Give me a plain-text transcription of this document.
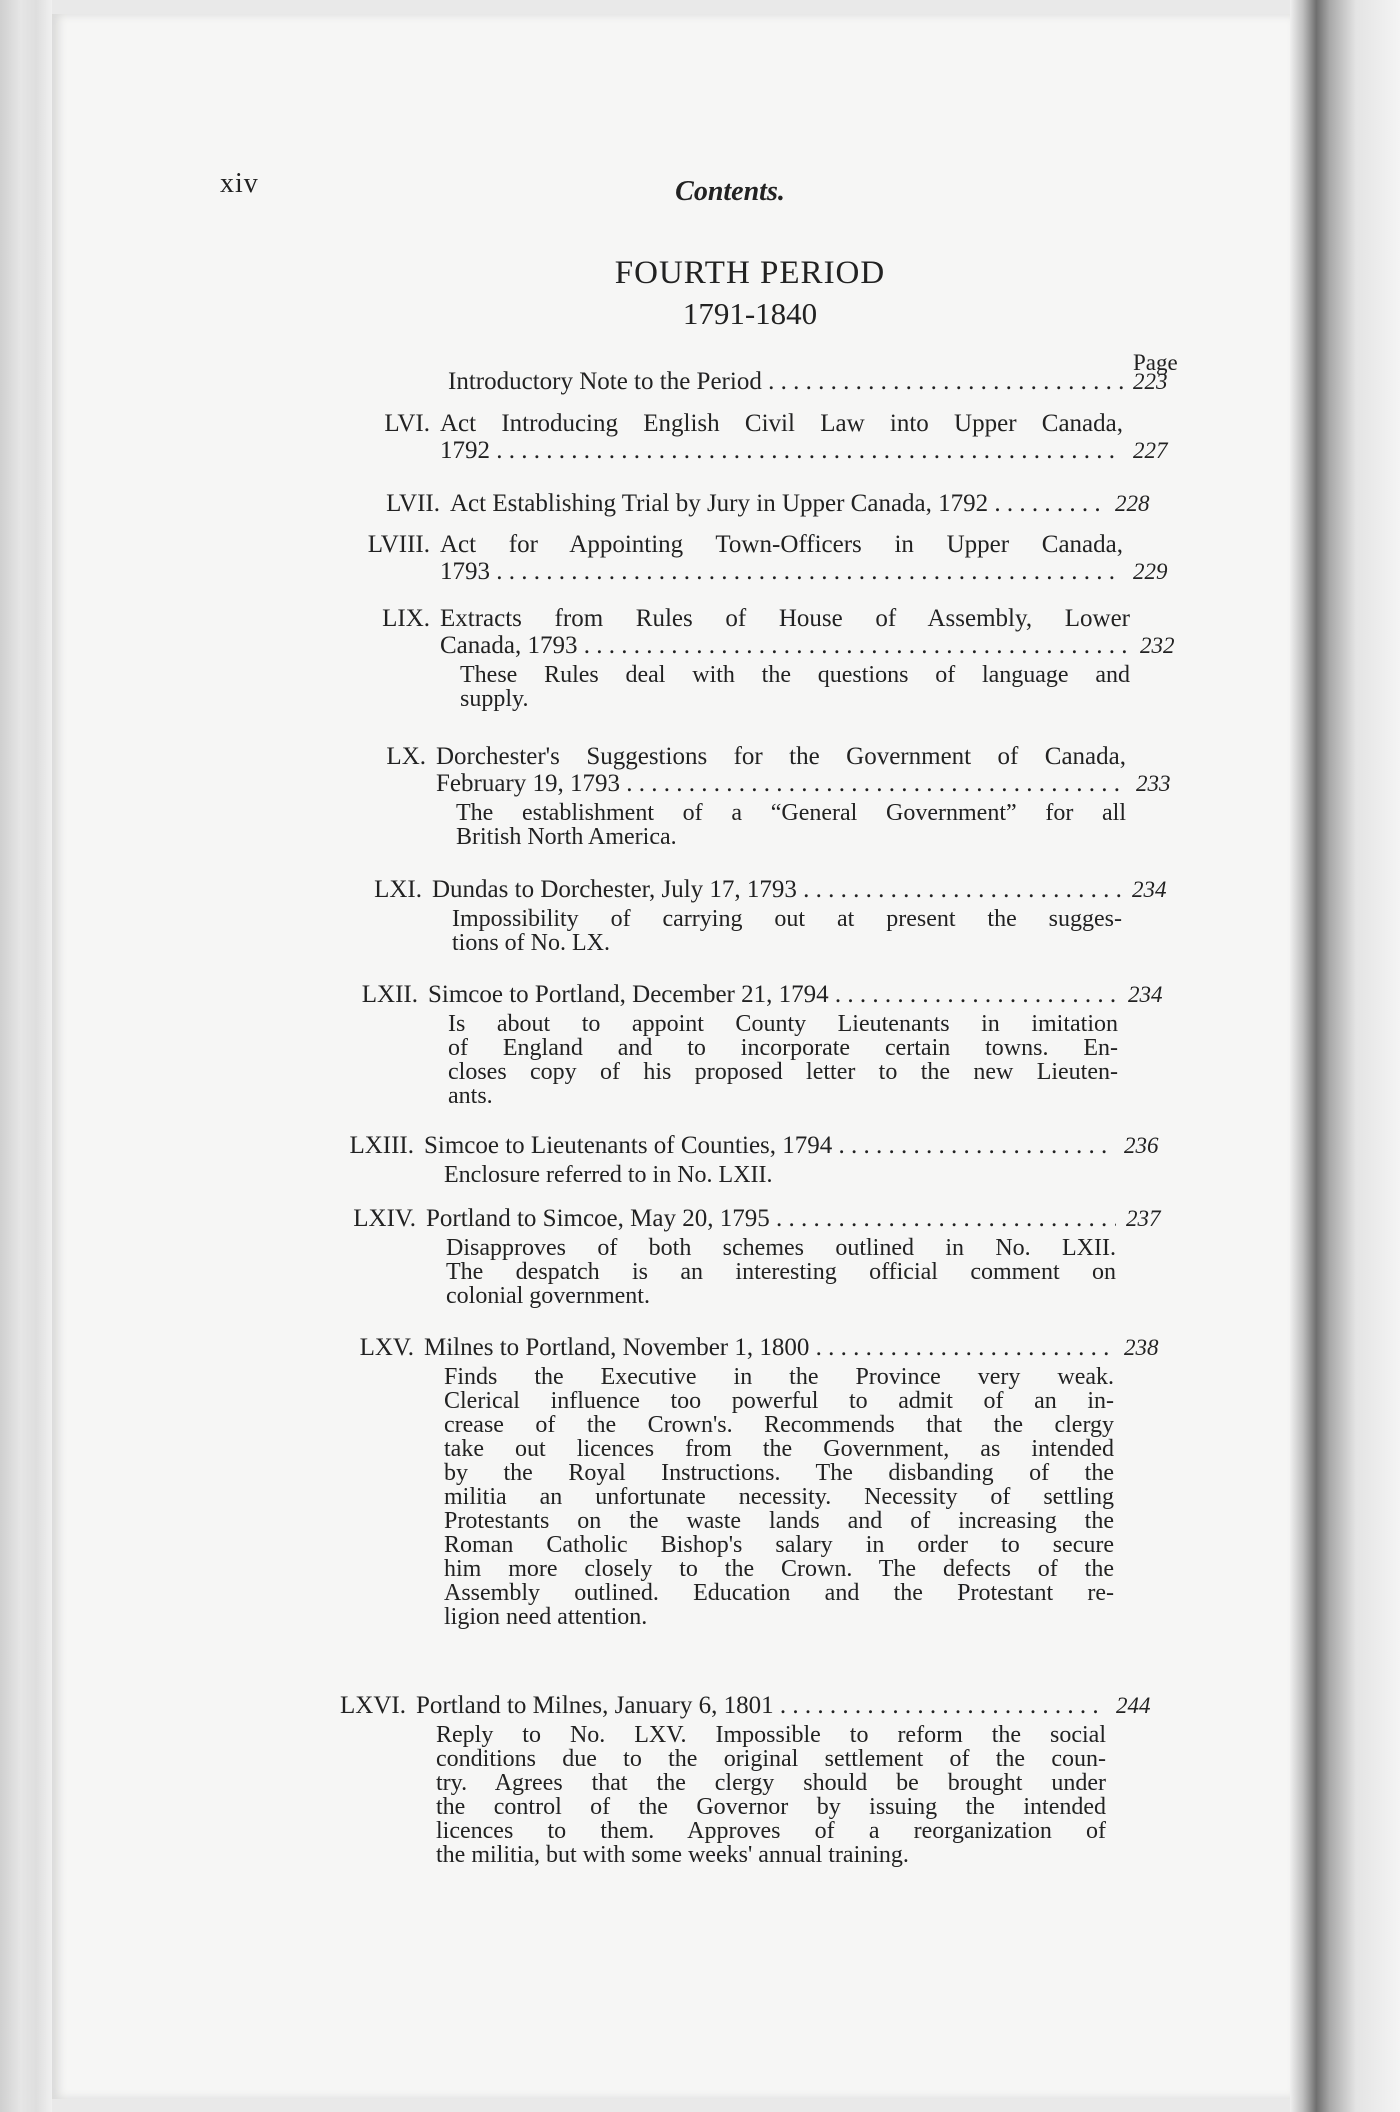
xiv	Contents.
FOURTH PERIOD
1791-1840
Page
Introductory Note to the Period . . .	223
LVI. Act Introducing English Civil Law into Upper Canada,
1792 . . .	227
LVII. Act Establishing Trial by Jury in Upper Canada, 1792 . . .	228
LVIII. Act for Appointing Town-Officers in Upper Canada,
1793 . . .	229
LIX. Extracts from Rules of House of Assembly, Lower
Canada, 1793 . . .	232
These Rules deal with the questions of language and
supply.
LX. Dorchester's Suggestions for the Government of Canada,
February 19, 1793 . . .	233
The establishment of a “General Government” for all
British North America.
LXI. Dundas to Dorchester, July 17, 1793 . . .	234
Impossibility of carrying out at present the sugges-
tions of No. LX.
LXII. Simcoe to Portland, December 21, 1794 . . .	234
Is about to appoint County Lieutenants in imitation
of England and to incorporate certain towns. En-
closes copy of his proposed letter to the new Lieuten-
ants.
LXIII. Simcoe to Lieutenants of Counties, 1794 . . .	236
Enclosure referred to in No. LXII.
LXIV. Portland to Simcoe, May 20, 1795 . . .	237
Disapproves of both schemes outlined in No. LXII.
The despatch is an interesting official comment on
colonial government.
LXV. Milnes to Portland, November 1, 1800 . . .	238
Finds the Executive in the Province very weak.
Clerical influence too powerful to admit of an in-
crease of the Crown's. Recommends that the clergy
take out licences from the Government, as intended
by the Royal Instructions. The disbanding of the
militia an unfortunate necessity. Necessity of settling
Protestants on the waste lands and of increasing the
Roman Catholic Bishop's salary in order to secure
him more closely to the Crown. The defects of the
Assembly outlined. Education and the Protestant re-
ligion need attention.
LXVI. Portland to Milnes, January 6, 1801 . . .	244
Reply to No. LXV. Impossible to reform the social
conditions due to the original settlement of the coun-
try. Agrees that the clergy should be brought under
the control of the Governor by issuing the intended
licences to them. Approves of a reorganization of
the militia, but with some weeks' annual training.
